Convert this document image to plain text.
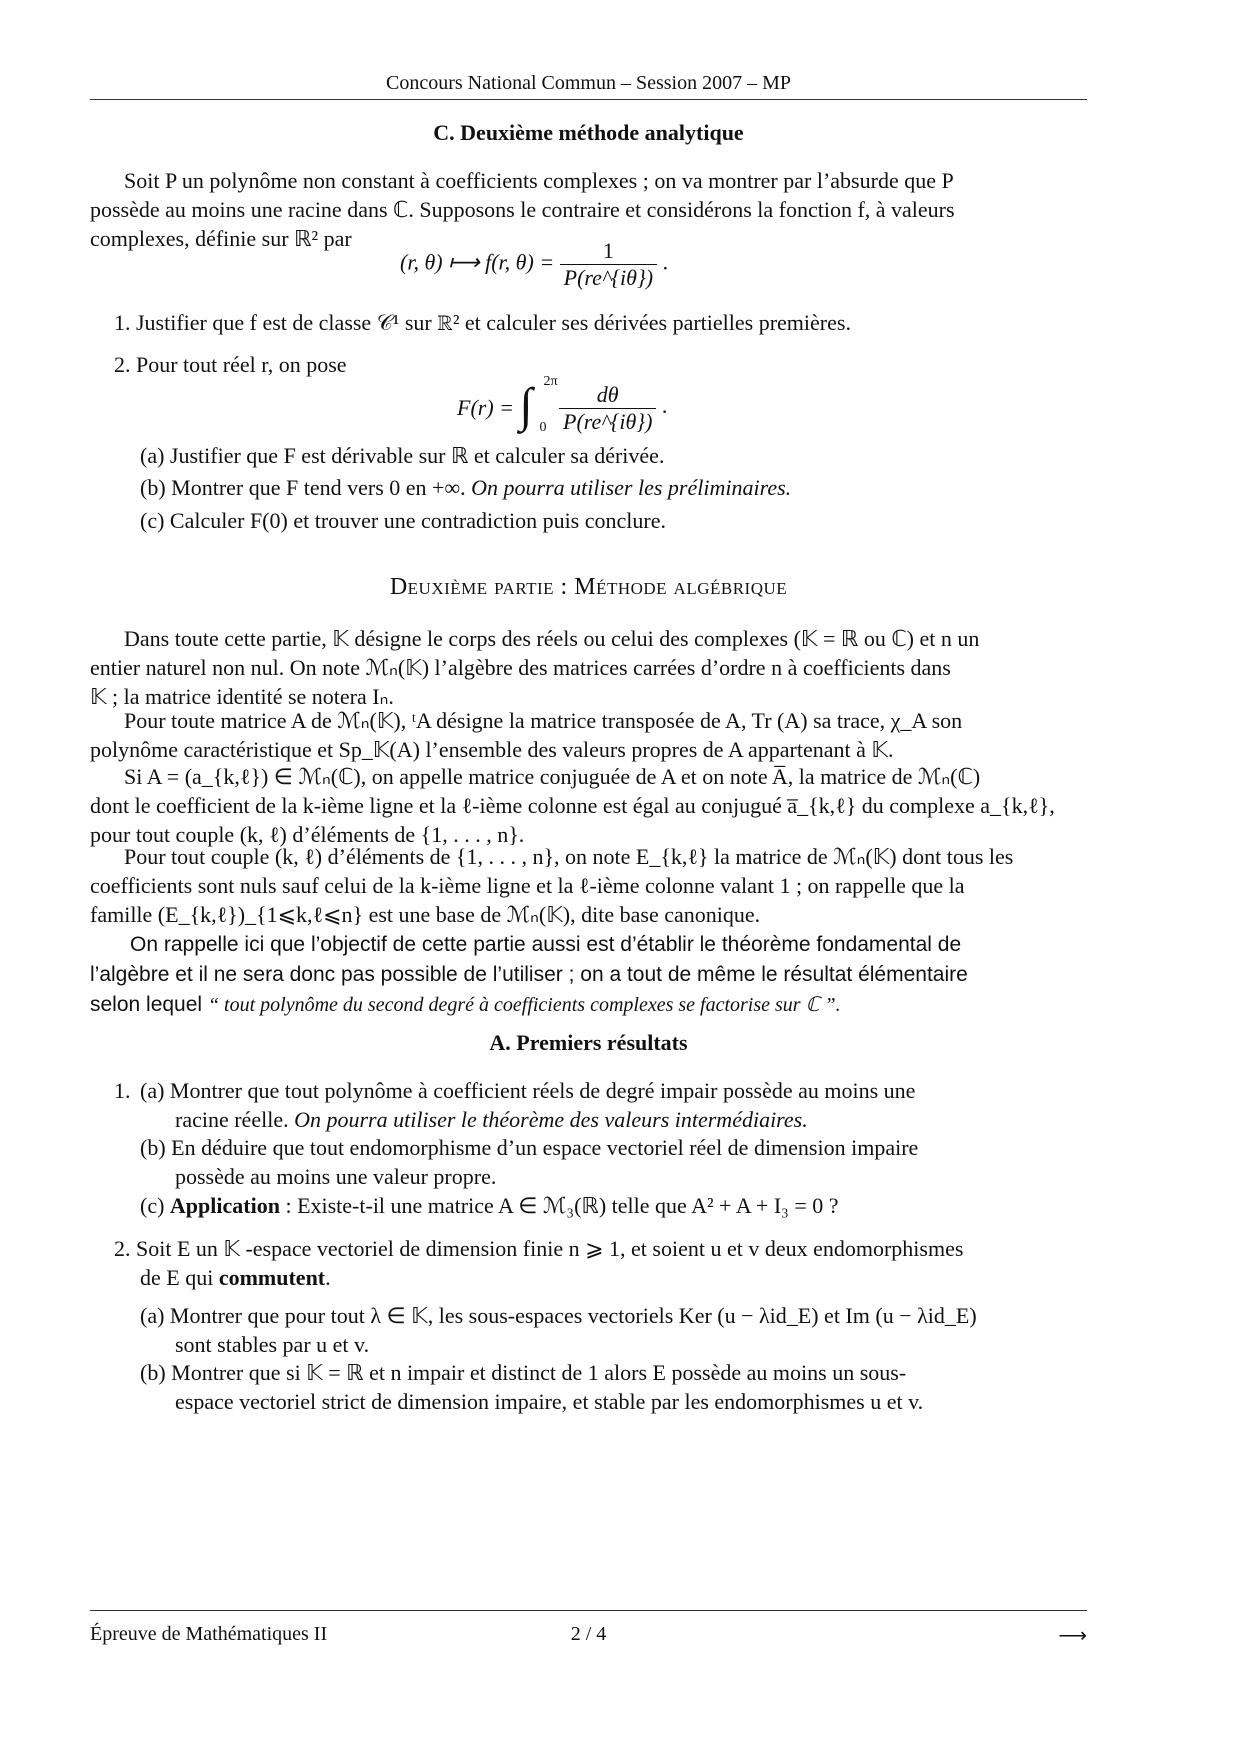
Concours National Commun – Session 2007 – MP
C. Deuxième méthode analytique
Soit P un polynôme non constant à coefficients complexes ; on va montrer par l’absurde que P
possède au moins une racine dans ℂ. Supposons le contraire et considérons la fonction f, à valeurs
complexes, définie sur ℝ² par
(r, θ) ⟼ f(r, $\theta) = \frac{1}{P(re\^{}\{i\theta\})}$ .
1. Justifier que f est de classe 𝒞¹ sur ℝ² et calculer ses dérivées partielles premières.
2. Pour tout réel r, on pose
F(r) = ∫ 2π
0
$\frac{d\theta}{P(re\^{}\{i\theta\})}$ .
(a) Justifier que F est dérivable sur ℝ et calculer sa dérivée.
(b) Montrer que F tend vers 0 en +∞. On pourra utiliser les préliminaires.
(c) Calculer F(0) et trouver une contradiction puis conclure.
Deuxième partie : Méthode algébrique
Dans toute cette partie, 𝕂 désigne le corps des réels ou celui des complexes (𝕂 = ℝ ou ℂ) et n un
entier naturel non nul. On note ℳₙ(𝕂) l’algèbre des matrices carrées d’ordre n à coefficients dans
𝕂 ; la matrice identité se notera Iₙ.
Pour toute matrice A de ℳₙ(𝕂), ᵗA désigne la matrice transposée de A, Tr (A) sa trace, χ_A son
polynôme caractéristique et Sp_𝕂(A) l’ensemble des valeurs propres de A appartenant à 𝕂.
Si A = (a_{k,ℓ}) ∈ ℳₙ(ℂ), on appelle matrice conjuguée de A et on note A̅, la matrice de ℳₙ(ℂ)
dont le coefficient de la k-ième ligne et la ℓ-ième colonne est égal au conjugué a̅_{k,ℓ} du complexe a_{k,ℓ},
pour tout couple (k, ℓ) d’éléments de {1, . . . , n}.
Pour tout couple (k, ℓ) d’éléments de {1, . . . , n}, on note E_{k,ℓ} la matrice de ℳₙ(𝕂) dont tous les
coefficients sont nuls sauf celui de la k-ième ligne et la ℓ-ième colonne valant 1 ; on rappelle que la
famille (E_{k,ℓ})_{1⩽k,ℓ⩽n} est une base de ℳₙ(𝕂), dite base canonique.
On rappelle ici que l’objectif de cette partie aussi est d’établir le théorème fondamental de
l’algèbre et il ne sera donc pas possible de l’utiliser ; on a tout de même le résultat élémentaire
selon lequel “ tout polynôme du second degré à coefficients complexes se factorise sur ℂ ”.
A. Premiers résultats
1. (a) Montrer que tout polynôme à coefficient réels de degré impair possède au moins une
racine réelle. On pourra utiliser le théorème des valeurs intermédiaires.
(b) En déduire que tout endomorphisme d’un espace vectoriel réel de dimension impaire
possède au moins une valeur propre.
(c) Application : Existe-t-il une matrice A ∈ ℳ₃(ℝ) telle que A² + A + I₃ = 0 ?
2. Soit E un 𝕂 -espace vectoriel de dimension finie n ⩾ 1, et soient u et v deux endomorphismes
de E qui commutent.
(a) Montrer que pour tout λ ∈ 𝕂, les sous-espaces vectoriels Ker (u − λid_E) et Im (u − λid_E)
sont stables par u et v.
(b) Montrer que si 𝕂 = ℝ et n impair et distinct de 1 alors E possède au moins un sous-
espace vectoriel strict de dimension impaire, et stable par les endomorphismes u et v.
Épreuve de Mathématiques II	2 / 4	⟶
